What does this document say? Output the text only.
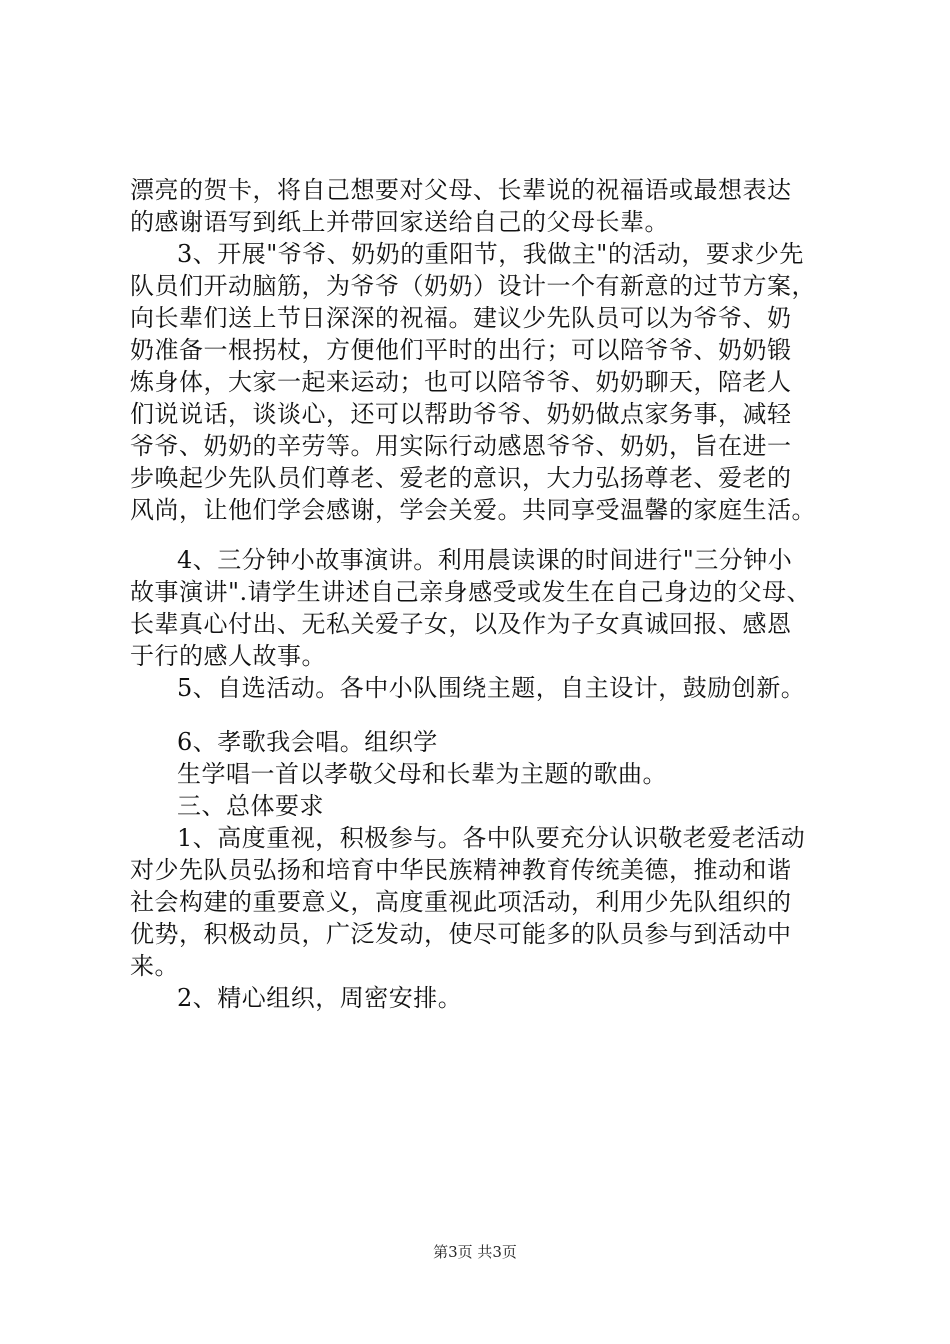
漂亮的贺卡，将自己想要对父母、长辈说的祝福语或最想表达
的感谢语写到纸上并带回家送给自己的父母长辈。
3、开展"爷爷、奶奶的重阳节，我做主"的活动，要求少先
队员们开动脑筋，为爷爷（奶奶）设计一个有新意的过节方案，
向长辈们送上节日深深的祝福。建议少先队员可以为爷爷、奶
奶准备一根拐杖，方便他们平时的出行；可以陪爷爷、奶奶锻
炼身体，大家一起来运动；也可以陪爷爷、奶奶聊天，陪老人
们说说话，谈谈心，还可以帮助爷爷、奶奶做点家务事，减轻
爷爷、奶奶的辛劳等。用实际行动感恩爷爷、奶奶，旨在进一
步唤起少先队员们尊老、爱老的意识，大力弘扬尊老、爱老的
风尚，让他们学会感谢，学会关爱。共同享受温馨的家庭生活。
4、三分钟小故事演讲。利用晨读课的时间进行"三分钟小
故事演讲".请学生讲述自己亲身感受或发生在自己身边的父母、
长辈真心付出、无私关爱子女，以及作为子女真诚回报、感恩
于行的感人故事。
5、自选活动。各中小队围绕主题，自主设计，鼓励创新。
6、孝歌我会唱。组织学
生学唱一首以孝敬父母和长辈为主题的歌曲。
三、总体要求
1、高度重视，积极参与。各中队要充分认识敬老爱老活动
对少先队员弘扬和培育中华民族精神教育传统美德，推动和谐
社会构建的重要意义，高度重视此项活动，利用少先队组织的
优势，积极动员，广泛发动，使尽可能多的队员参与到活动中
来。
2、精心组织，周密安排。
第3页 共3页
